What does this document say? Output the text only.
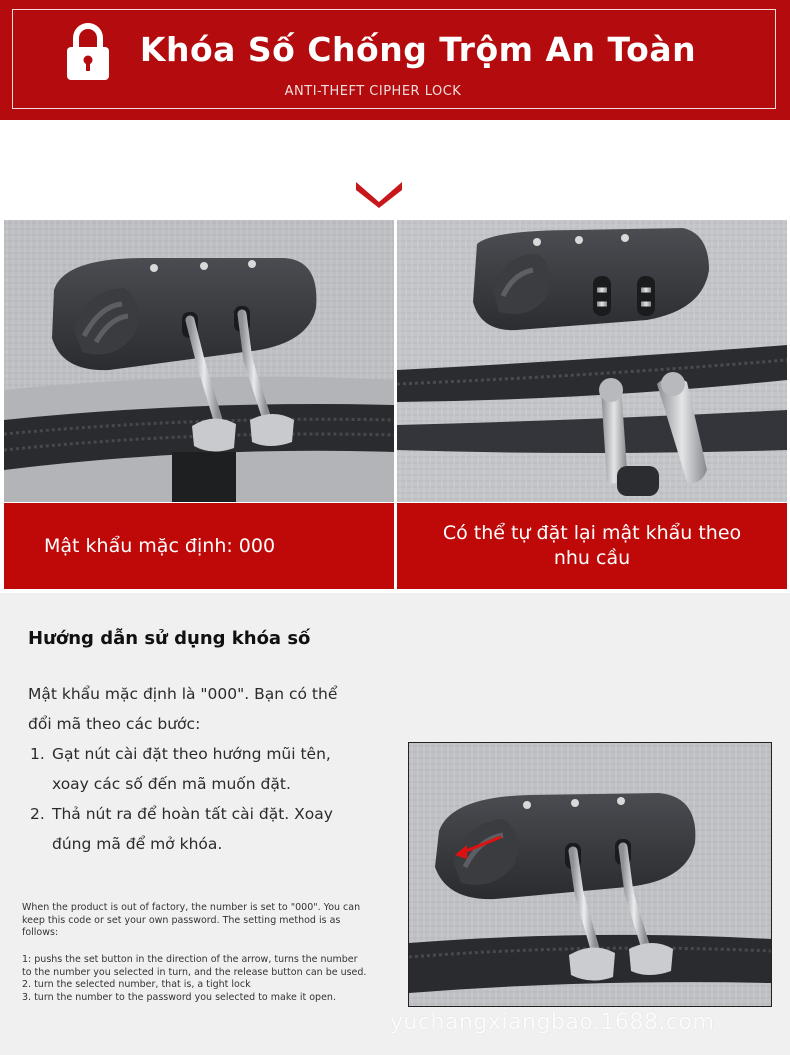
Khóa Số Chống Trộm An Toàn
ANTI-THEFT CIPHER LOCK
Mật khẩu mặc định: 000
Có thể tự đặt lại mật khẩu theo nhu cầu
Hướng dẫn sử dụng khóa số
Mật khẩu mặc định là "000". Bạn có thể đổi mã theo các bước:
1. Gạt nút cài đặt theo hướng mũi tên, xoay các số đến mã muốn đặt.
2. Thả nút ra để hoàn tất cài đặt. Xoay đúng mã để mở khóa.
When the product is out of factory, the number is set to "000". You can keep this code or set your own password. The setting method is as follows:
1: pushs the set button in the direction of the arrow, turns the number to the number you selected in turn, and the release button can be used.
2. turn the selected number, that is, a tight lock
3. turn the number to the password you selected to make it open.
yuchangxiangbao.1688.com
